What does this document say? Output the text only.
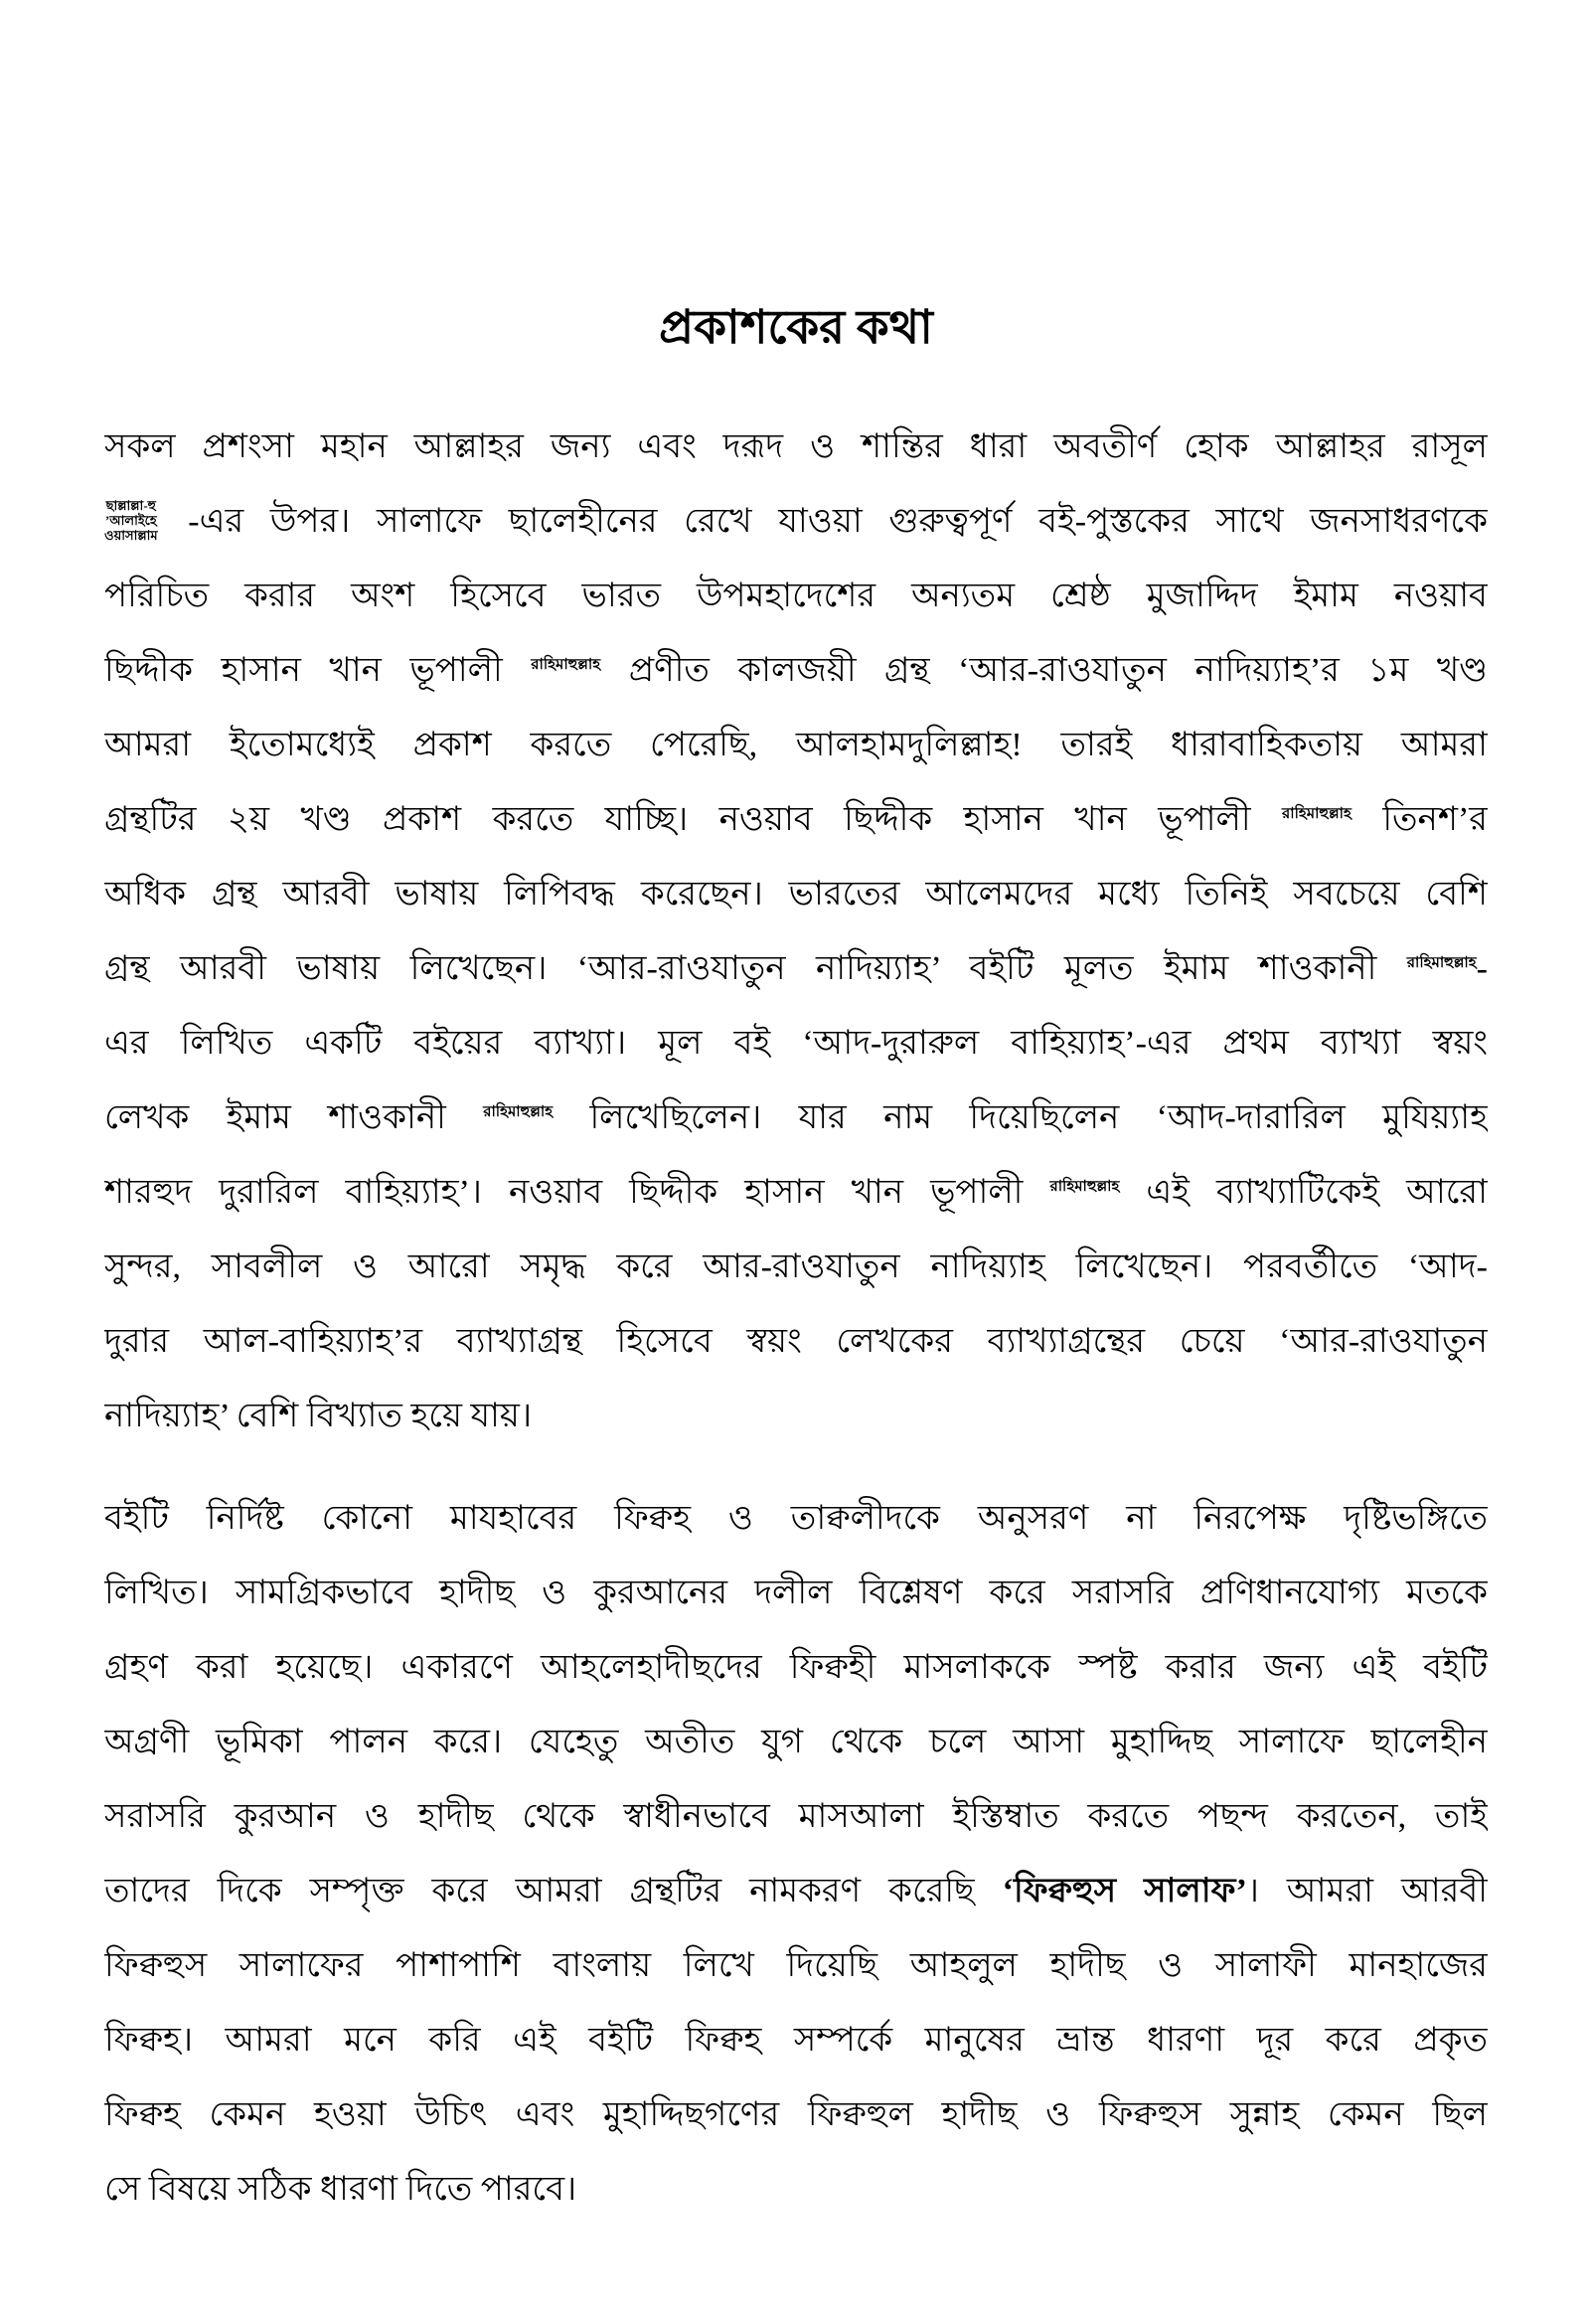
প্রকাশকের কথা
সকল প্রশংসা মহান আল্লাহর জন্য এবং দরূদ ও শান্তির ধারা অবতীর্ণ হোক আল্লাহর রাসূল
ছাল্লাল্লা-হু
’আলাইহে
ওয়াসাল্লাম -এর উপর। সালাফে ছালেহীনের রেখে যাওয়া গুরুত্বপূর্ণ বই-পুস্তকের সাথে জনসাধরণকে
পরিচিত করার অংশ হিসেবে ভারত উপমহাদেশের অন্যতম শ্রেষ্ঠ মুজাদ্দিদ ইমাম নওয়াব
ছিদ্দীক হাসান খান ভূপালী রাহিমাহুল্লাহ প্রণীত কালজয়ী গ্রন্থ ‘আর-রাওযাতুন নাদিয়্যাহ’র ১ম খণ্ড
আমরা ইতোমধ্যেই প্রকাশ করতে পেরেছি, আলহামদুলিল্লাহ! তারই ধারাবাহিকতায় আমরা
গ্রন্থটির ২য় খণ্ড প্রকাশ করতে যাচ্ছি। নওয়াব ছিদ্দীক হাসান খান ভূপালী রাহিমাহুল্লাহ তিনশ’র
অধিক গ্রন্থ আরবী ভাষায় লিপিবদ্ধ করেছেন। ভারতের আলেমদের মধ্যে তিনিই সবচেয়ে বেশি
গ্রন্থ আরবী ভাষায় লিখেছেন। ‘আর-রাওযাতুন নাদিয়্যাহ’ বইটি মূলত ইমাম শাওকানী রাহিমাহুল্লাহ-
এর লিখিত একটি বইয়ের ব্যাখ্যা। মূল বই ‘আদ-দুরারুল বাহিয়্যাহ’-এর প্রথম ব্যাখ্যা স্বয়ং
লেখক ইমাম শাওকানী রাহিমাহুল্লাহ লিখেছিলেন। যার নাম দিয়েছিলেন ‘আদ-দারারিল মুযিয়্যাহ
শারহুদ দুরারিল বাহিয়্যাহ’। নওয়াব ছিদ্দীক হাসান খান ভূপালী রাহিমাহুল্লাহ এই ব্যাখ্যাটিকেই আরো
সুন্দর, সাবলীল ও আরো সমৃদ্ধ করে আর-রাওযাতুন নাদিয়্যাহ লিখেছেন। পরবর্তীতে ‘আদ-
দুরার আল-বাহিয়্যাহ’র ব্যাখ্যাগ্রন্থ হিসেবে স্বয়ং লেখকের ব্যাখ্যাগ্রন্থের চেয়ে ‘আর-রাওযাতুন
নাদিয়্যাহ’ বেশি বিখ্যাত হয়ে যায়।
বইটি নির্দিষ্ট কোনো মাযহাবের ফিক্বহ ও তাক্বলীদকে অনুসরণ না নিরপেক্ষ দৃষ্টিভঙ্গিতে
লিখিত। সামগ্রিকভাবে হাদীছ ও কুরআনের দলীল বিশ্লেষণ করে সরাসরি প্রণিধানযোগ্য মতকে
গ্রহণ করা হয়েছে। একারণে আহলেহাদীছদের ফিক্বহী মাসলাককে স্পষ্ট করার জন্য এই বইটি
অগ্রণী ভূমিকা পালন করে। যেহেতু অতীত যুগ থেকে চলে আসা মুহাদ্দিছ সালাফে ছালেহীন
সরাসরি কুরআন ও হাদীছ থেকে স্বাধীনভাবে মাসআলা ইস্তিম্বাত করতে পছন্দ করতেন, তাই
তাদের দিকে সম্পৃক্ত করে আমরা গ্রন্থটির নামকরণ করেছি ‘ফিক্বহুস সালাফ’। আমরা আরবী
ফিক্বহুস সালাফের পাশাপাশি বাংলায় লিখে দিয়েছি আহলুল হাদীছ ও সালাফী মানহাজের
ফিক্বহ। আমরা মনে করি এই বইটি ফিক্বহ সম্পর্কে মানুষের ভ্রান্ত ধারণা দূর করে প্রকৃত
ফিক্বহ কেমন হওয়া উচিৎ এবং মুহাদ্দিছগণের ফিক্বহুল হাদীছ ও ফিক্বহুস সুন্নাহ কেমন ছিল
সে বিষয়ে সঠিক ধারণা দিতে পারবে।
